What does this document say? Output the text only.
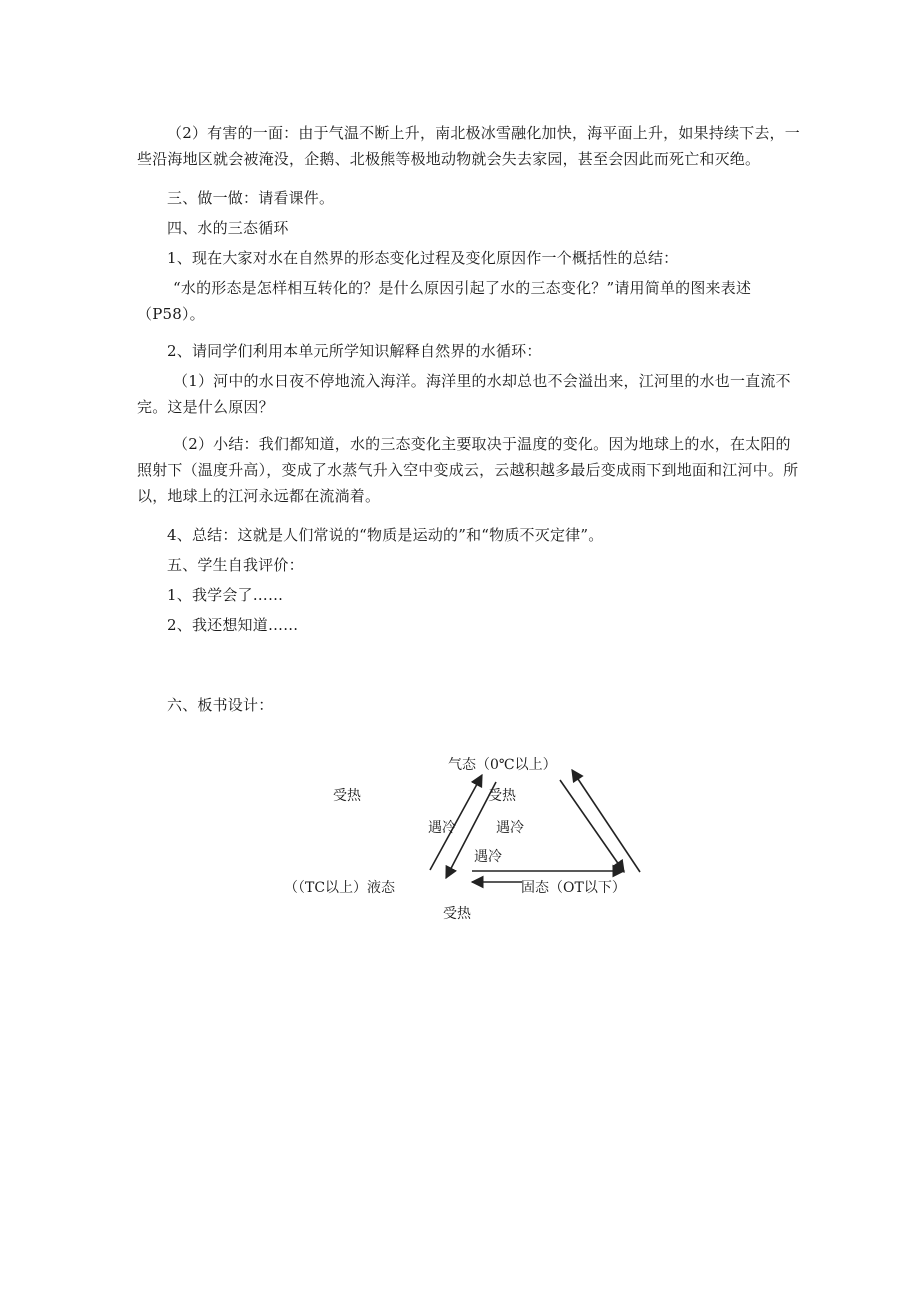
（2）有害的一面：由于气温不断上升，南北极冰雪融化加快，海平面上升，如果持续下去，一些沿海地区就会被淹没，企鹅、北极熊等极地动物就会失去家园，甚至会因此而死亡和灭绝。

三、做一做：请看课件。

四、水的三态循环

1、现在大家对水在自然界的形态变化过程及变化原因作一个概括性的总结：

“水的形态是怎样相互转化的？是什么原因引起了水的三态变化？”请用简单的图来表述（P58）。

2、请同学们利用本单元所学知识解释自然界的水循环：

（1）河中的水日夜不停地流入海洋。海洋里的水却总也不会溢出来，江河里的水也一直流不完。这是什么原因？

（2）小结：我们都知道，水的三态变化主要取决于温度的变化。因为地球上的水，在太阳的照射下（温度升高），变成了水蒸气升入空中变成云，云越积越多最后变成雨下到地面和江河中。所以，地球上的江河永远都在流淌着。

4、总结：这就是人们常说的“物质是运动的”和“物质不灭定律”。

五、学生自我评价：

1、我学会了……

2、我还想知道……

六、板书设计：

气态（0℃以上）
（（TC以上）液态	固态（OT以下）
受热	受热
受热
遇冷	遇冷
遇冷
